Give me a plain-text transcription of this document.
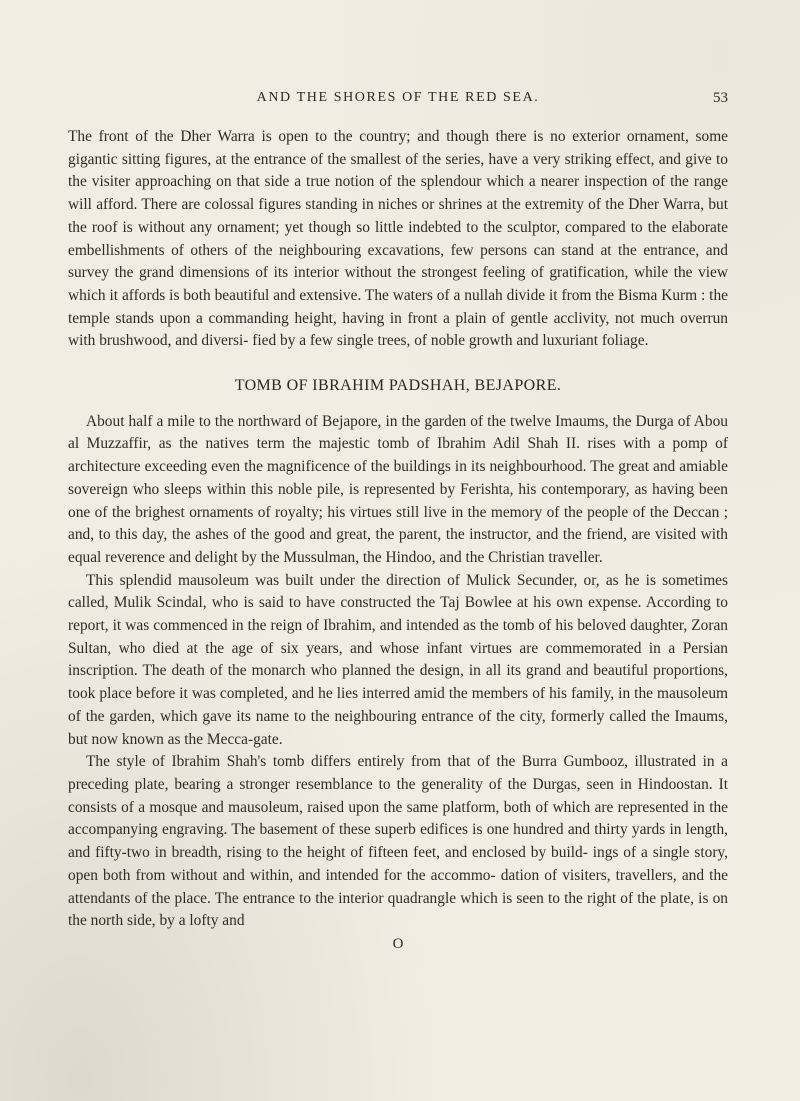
AND THE SHORES OF THE RED SEA.	53

The front of the Dher Warra is open to the country; and though there is no exterior ornament, some gigantic sitting figures, at the entrance of the smallest of the series, have a very striking effect, and give to the visiter approaching on that side a true notion of the splendour which a nearer inspection of the range will afford. There are colossal figures standing in niches or shrines at the extremity of the Dher Warra, but the roof is without any ornament; yet though so little indebted to the sculptor, compared to the elaborate embellishments of others of the neighbouring excavations, few persons can stand at the entrance, and survey the grand dimensions of its interior without the strongest feeling of gratification, while the view which it affords is both beautiful and extensive. The waters of a nullah divide it from the Bisma Kurm : the temple stands upon a commanding height, having in front a plain of gentle acclivity, not much overrun with brushwood, and diversi- fied by a few single trees, of noble growth and luxuriant foliage.

TOMB OF IBRAHIM PADSHAH, BEJAPORE.

About half a mile to the northward of Bejapore, in the garden of the twelve Imaums, the Durga of Abou al Muzzaffir, as the natives term the majestic tomb of Ibrahim Adil Shah II. rises with a pomp of architecture exceeding even the magnificence of the buildings in its neighbourhood. The great and amiable sovereign who sleeps within this noble pile, is represented by Ferishta, his contemporary, as having been one of the brighest ornaments of royalty; his virtues still live in the memory of the people of the Deccan ; and, to this day, the ashes of the good and great, the parent, the instructor, and the friend, are visited with equal reverence and delight by the Mussulman, the Hindoo, and the Christian traveller.

This splendid mausoleum was built under the direction of Mulick Secunder, or, as he is sometimes called, Mulik Scindal, who is said to have constructed the Taj Bowlee at his own expense. According to report, it was commenced in the reign of Ibrahim, and intended as the tomb of his beloved daughter, Zoran Sultan, who died at the age of six years, and whose infant virtues are commemorated in a Persian inscription. The death of the monarch who planned the design, in all its grand and beautiful proportions, took place before it was completed, and he lies interred amid the members of his family, in the mausoleum of the garden, which gave its name to the neighbouring entrance of the city, formerly called the Imaums, but now known as the Mecca-gate.

The style of Ibrahim Shah's tomb differs entirely from that of the Burra Gumbooz, illustrated in a preceding plate, bearing a stronger resemblance to the generality of the Durgas, seen in Hindoostan. It consists of a mosque and mausoleum, raised upon the same platform, both of which are represented in the accompanying engraving. The basement of these superb edifices is one hundred and thirty yards in length, and fifty-two in breadth, rising to the height of fifteen feet, and enclosed by build- ings of a single story, open both from without and within, and intended for the accommo- dation of visiters, travellers, and the attendants of the place. The entrance to the interior quadrangle which is seen to the right of the plate, is on the north side, by a lofty and

O
